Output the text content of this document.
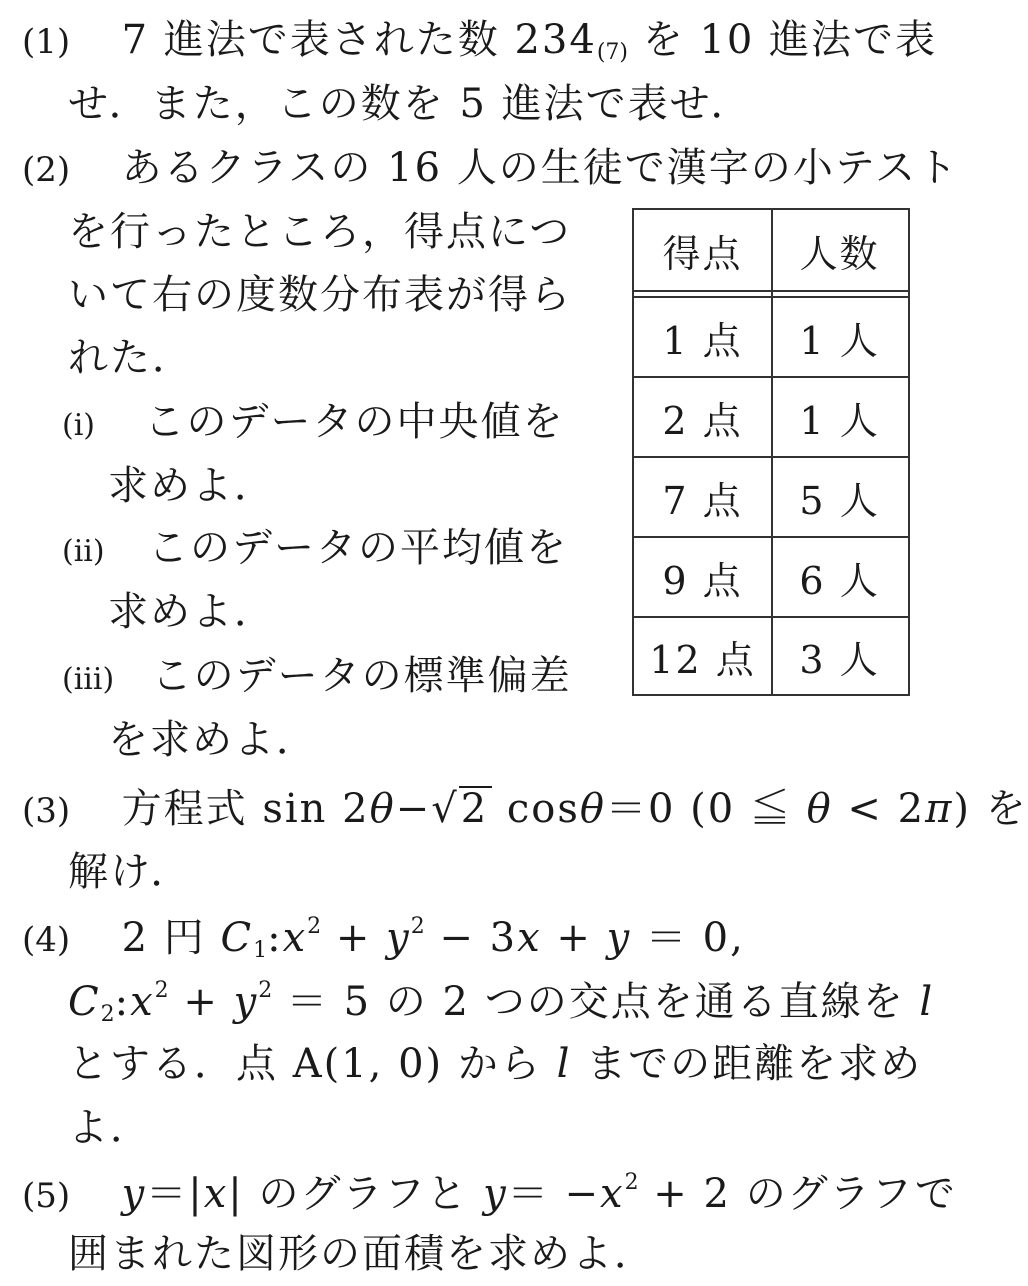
(1) 7 進法で表された数 $234_{(7)}$ を 10 進法で表
せ．また，この数を 5 進法で表せ．
(2) あるクラスの 16 人の生徒で漢字の小テスト
を行ったところ，得点につ
いて右の度数分布表が得ら
れた．
(i) このデータの中央値を
求めよ．
(ii) このデータの平均値を
求めよ．
(iii) このデータの標準偏差
を求めよ．
得点	人数
1 点	1 人
2 点	1 人
7 点	5 人
9 点	6 人
12 点	3 人
(3) 方程式 sin 2θ−√2 cosθ＝0 (0 ≦ θ < 2π) を
解け．
(4) 2 円 $C_1:x^2 + y^2 - 3x + y = 0$,
$C_2:x^2 + y^2 = 5$ の 2 つの交点を通る直線を l
とする．点 A(1, 0) から l までの距離を求め
よ．
(5) y＝|x| のグラフと $y= -x^2 + 2$ のグラフで
囲まれた図形の面積を求めよ．
